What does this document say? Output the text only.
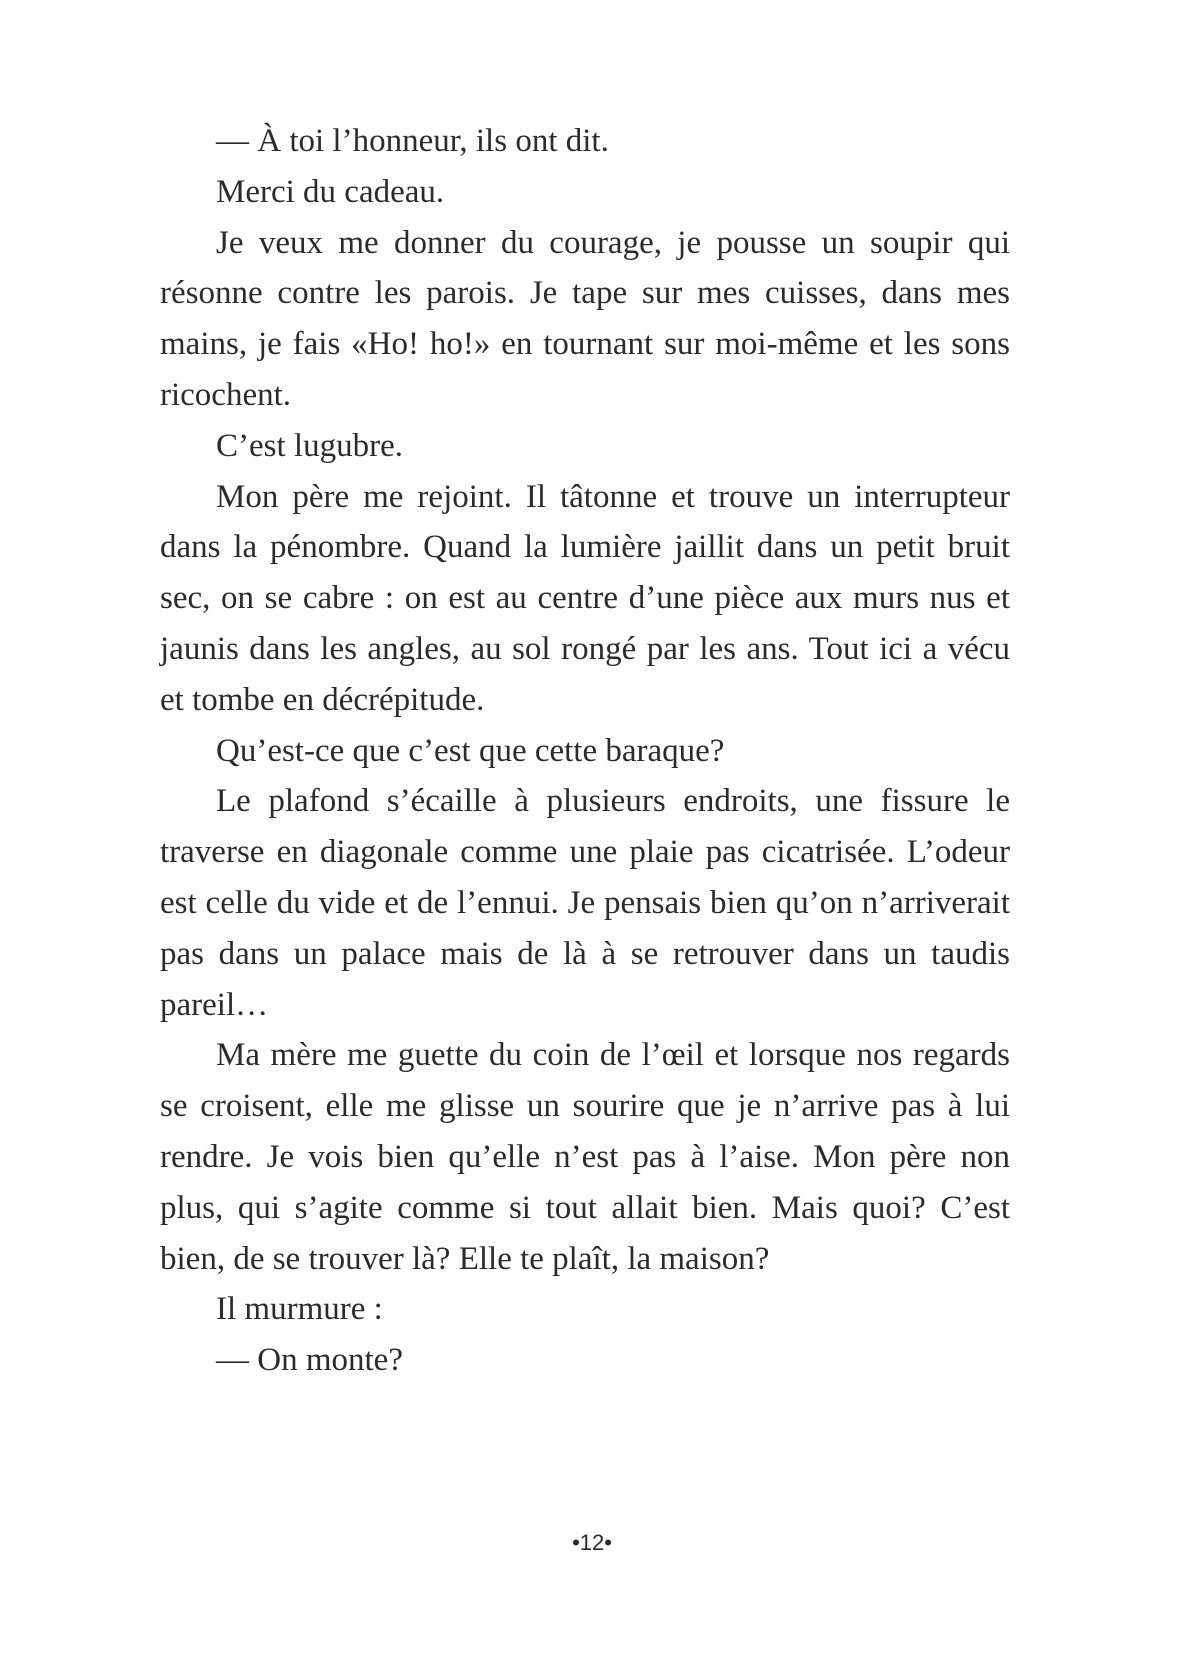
— À toi l’honneur, ils ont dit.

Merci du cadeau.

Je veux me donner du courage, je pousse un soupir qui résonne contre les parois. Je tape sur mes cuisses, dans mes mains, je fais «Ho! ho!» en tournant sur moi-même et les sons ricochent.

C’est lugubre.

Mon père me rejoint. Il tâtonne et trouve un interrupteur dans la pénombre. Quand la lumière jaillit dans un petit bruit sec, on se cabre : on est au centre d’une pièce aux murs nus et jaunis dans les angles, au sol rongé par les ans. Tout ici a vécu et tombe en décrépitude.

Qu’est-ce que c’est que cette baraque?

Le plafond s’écaille à plusieurs endroits, une fissure le traverse en diagonale comme une plaie pas cicatrisée. L’odeur est celle du vide et de l’ennui. Je pensais bien qu’on n’arriverait pas dans un palace mais de là à se retrouver dans un taudis pareil…

Ma mère me guette du coin de l’œil et lorsque nos regards se croisent, elle me glisse un sourire que je n’arrive pas à lui rendre. Je vois bien qu’elle n’est pas à l’aise. Mon père non plus, qui s’agite comme si tout allait bien. Mais quoi? C’est bien, de se trouver là? Elle te plaît, la maison?

Il murmure :

— On monte?

•12•
